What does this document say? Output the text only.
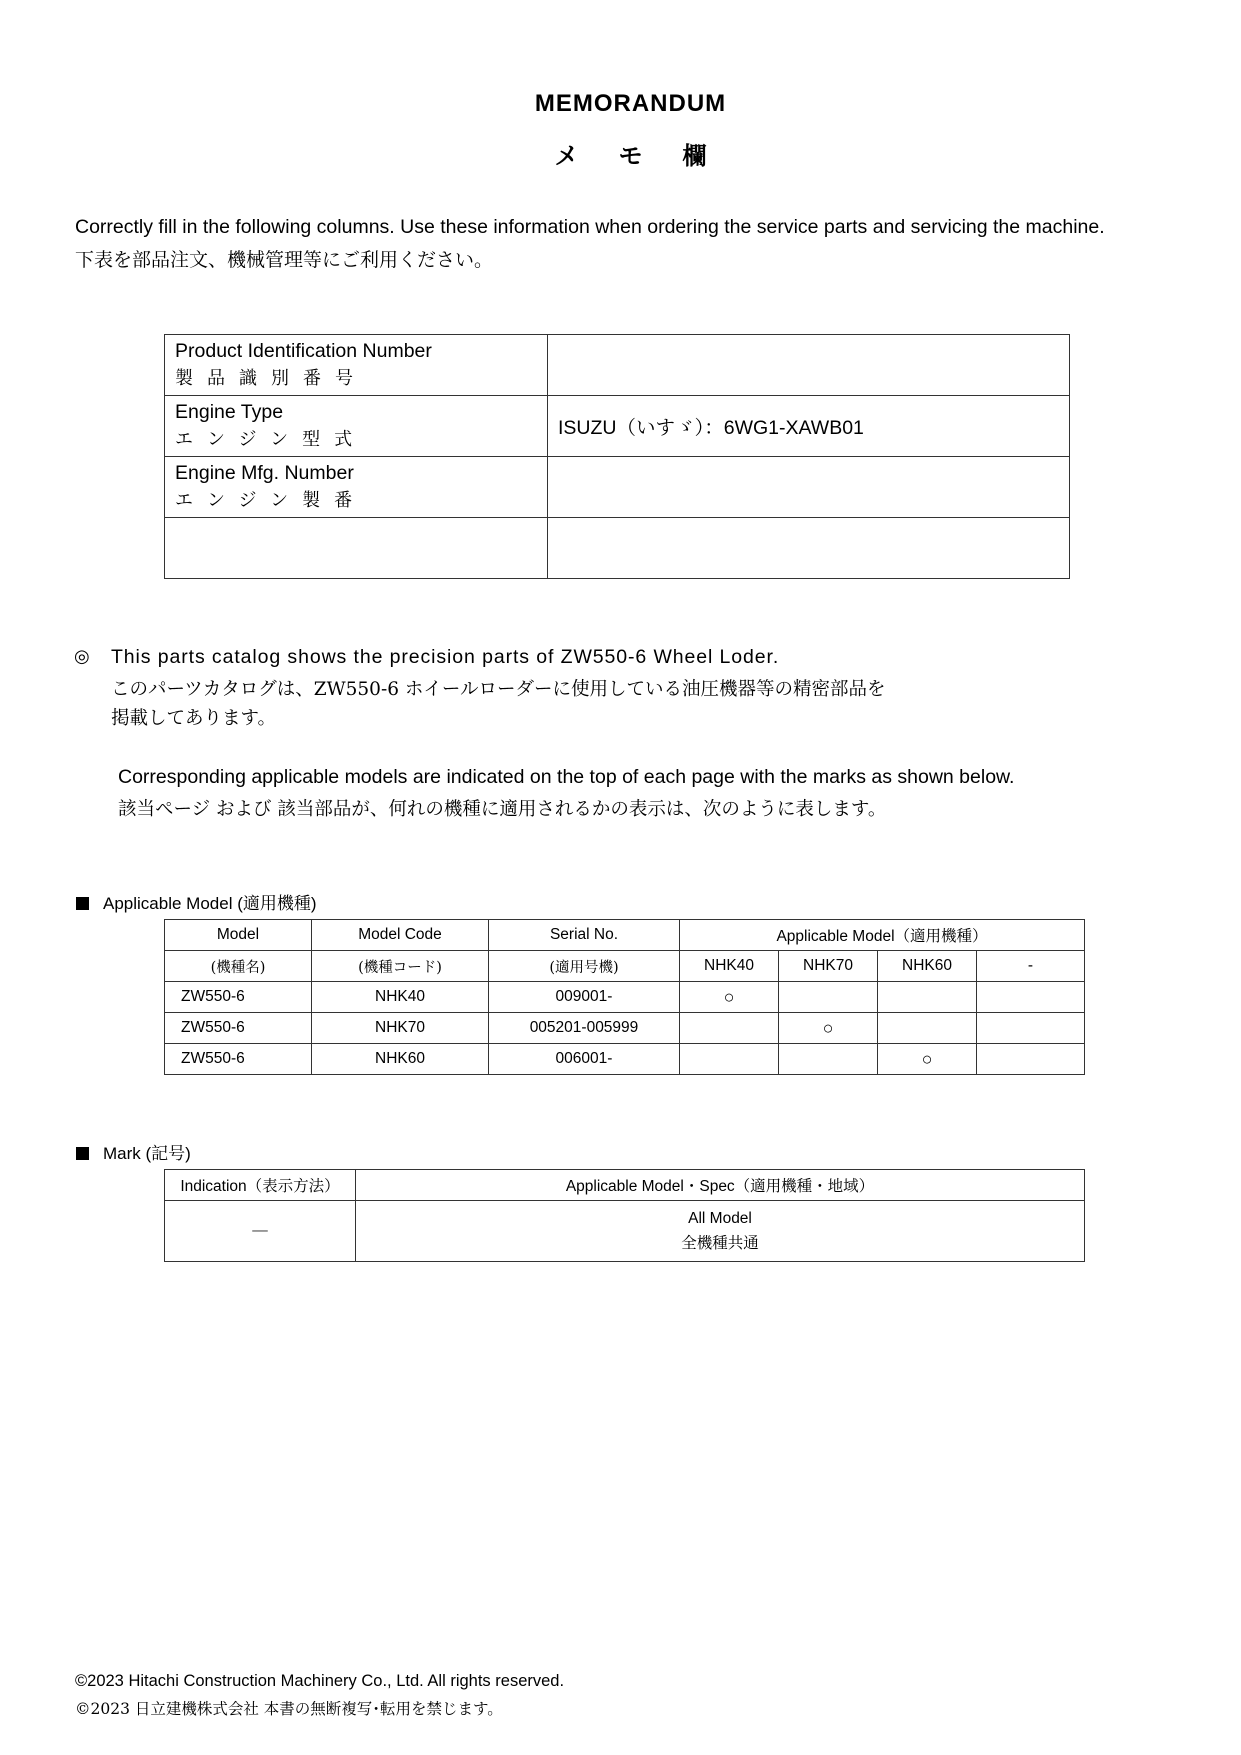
MEMORANDUM
メモ欄
Correctly fill in the following columns. Use these information when ordering the service parts and servicing the machine.
下表を部品注文、機械管理等にご利用ください。
Product Identification Number
製品識別番号	

Engine Type
エンジン型式	ISUZU（いすゞ）：6WG1-XAWB01

Engine Mfg. Number
エンジン製番	

◎ This parts catalog shows the precision parts of ZW550-6 Wheel Loder.
このパーツカタログは、ZW550-6 ホイールローダーに使用している油圧機器等の精密部品を
掲載してあります。
Corresponding applicable models are indicated on the top of each page with the marks as shown below.
該当ページ および 該当部品が、何れの機種に適用されるかの表示は、次のように表します。
Applicable Model (適用機種)
Model	Model Code	Serial No.	Applicable Model（適用機種）			
(機種名)	(機種コード)	(適用号機)	NHK40	NHK70	NHK60	-
ZW550-6	NHK40	009001-	○			
ZW550-6	NHK70	005201-005999		○		
ZW550-6	NHK60	006001-			○	
Mark (記号)
Indication（表示方法）	Applicable Model・Spec（適用機種・地域）
―	All Model
全機種共通
©2023 Hitachi Construction Machinery Co., Ltd. All rights reserved.
©2023 日立建機株式会社 本書の無断複写･転用を禁じます。
